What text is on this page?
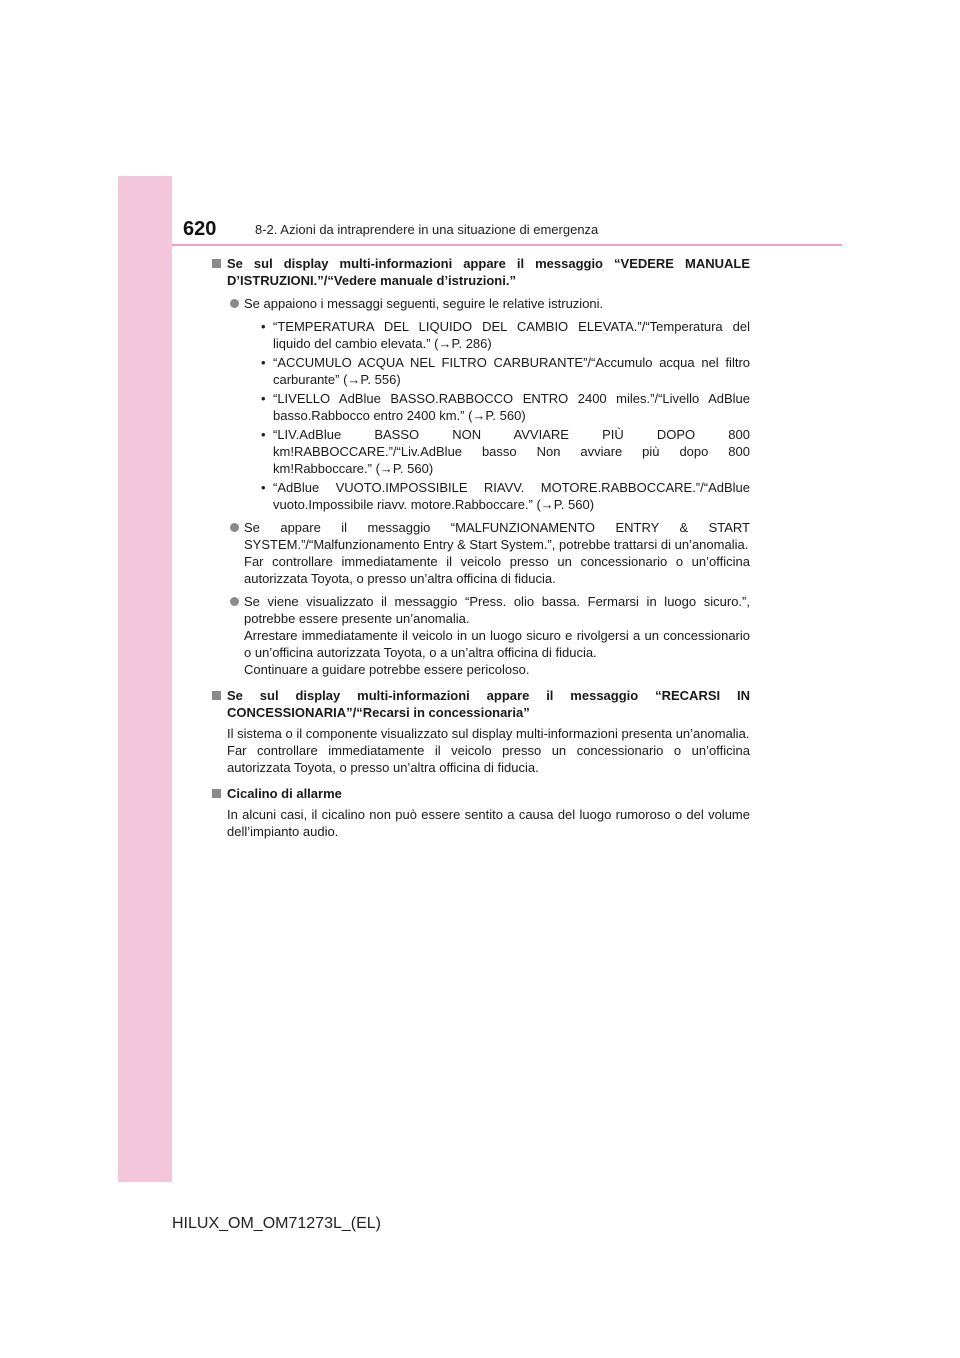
620	8-2. Azioni da intraprendere in una situazione di emergenza
Se sul display multi-informazioni appare il messaggio “VEDERE MANUALE D’ISTRUZIONI.”/“Vedere manuale d’istruzioni.”
Se appaiono i messaggi seguenti, seguire le relative istruzioni.
• “TEMPERATURA DEL LIQUIDO DEL CAMBIO ELEVATA.”/“Temperatura del liquido del cambio elevata.” (→P. 286)
• “ACCUMULO ACQUA NEL FILTRO CARBURANTE”/“Accumulo acqua nel filtro carburante” (→P. 556)
• “LIVELLO AdBlue BASSO.RABBOCCO ENTRO 2400 miles.”/“Livello AdBlue basso.Rabbocco entro 2400 km.” (→P. 560)
• “LIV.AdBlue BASSO NON AVVIARE PIÙ DOPO 800 km!RABBOCCARE.”/“Liv.AdBlue basso Non avviare più dopo 800 km!Rabboccare.” (→P. 560)
• “AdBlue VUOTO.IMPOSSIBILE RIAVV. MOTORE.RABBOCCARE.”/“AdBlue vuoto.Impossibile riavv. motore.Rabboccare.” (→P. 560)
Se appare il messaggio “MALFUNZIONAMENTO ENTRY & START SYSTEM.”/“Malfunzionamento Entry & Start System.”, potrebbe trattarsi di un’anomalia.
Far controllare immediatamente il veicolo presso un concessionario o un’officina autorizzata Toyota, o presso un’altra officina di fiducia.
Se viene visualizzato il messaggio “Press. olio bassa. Fermarsi in luogo sicuro.”, potrebbe essere presente un’anomalia.
Arrestare immediatamente il veicolo in un luogo sicuro e rivolgersi a un concessionario o un’officina autorizzata Toyota, o a un’altra officina di fiducia.
Continuare a guidare potrebbe essere pericoloso.
Se sul display multi-informazioni appare il messaggio “RECARSI IN CONCESSIONARIA”/“Recarsi in concessionaria”
Il sistema o il componente visualizzato sul display multi-informazioni presenta un’anomalia.
Far controllare immediatamente il veicolo presso un concessionario o un’officina autorizzata Toyota, o presso un’altra officina di fiducia.
Cicalino di allarme
In alcuni casi, il cicalino non può essere sentito a causa del luogo rumoroso o del volume dell’impianto audio.
HILUX_OM_OM71273L_(EL)
